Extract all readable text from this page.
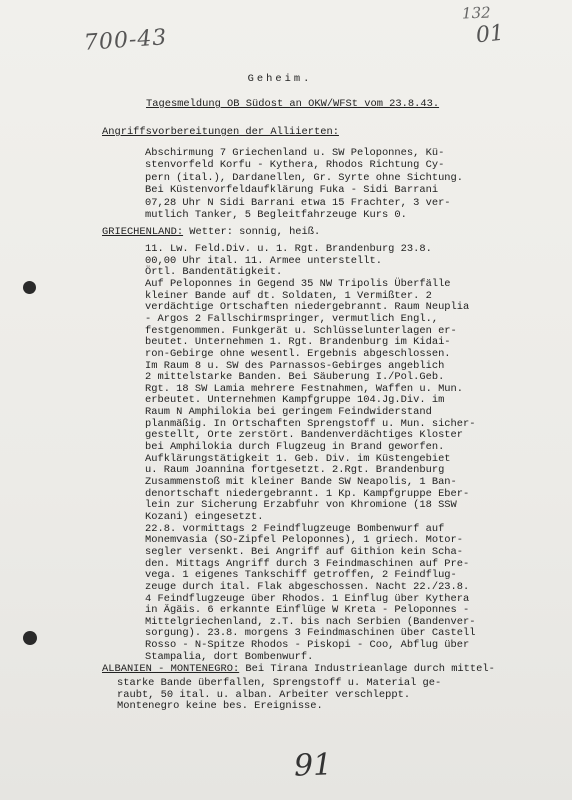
700-43
132
01
Geheim.
Tagesmeldung OB Südost an OKW/WFSt vom 23.8.43.
Angriffsvorbereitungen der Alliierten:
Abschirmung 7 Griechenland u. SW Peloponnes, Kü-
stenvorfeld Korfu - Kythera, Rhodos Richtung Cy-
pern (ital.), Dardanellen, Gr. Syrte ohne Sichtung.
Bei Küstenvorfeldaufklärung Fuka - Sidi Barrani
07,28 Uhr N Sidi Barrani etwa 15 Frachter, 3 ver-
mutlich Tanker, 5 Begleitfahrzeuge Kurs 0.
GRIECHENLAND: Wetter: sonnig, heiß.
11. Lw. Feld.Div. u. 1. Rgt. Brandenburg 23.8.
00,00 Uhr ital. 11. Armee unterstellt.
Örtl. Bandentätigkeit.
Auf Peloponnes in Gegend 35 NW Tripolis Überfälle
kleiner Bande auf dt. Soldaten, 1 Vermißter. 2
verdächtige Ortschaften niedergebrannt. Raum Neuplia
- Argos 2 Fallschirmspringer, vermutlich Engl.,
festgenommen. Funkgerät u. Schlüsselunterlagen er-
beutet. Unternehmen 1. Rgt. Brandenburg im Kidai-
ron-Gebirge ohne wesentl. Ergebnis abgeschlossen.
Im Raum 8 u. SW des Parnassos-Gebirges angeblich
2 mittelstarke Banden. Bei Säuberung I./Pol.Geb.
Rgt. 18 SW Lamia mehrere Festnahmen, Waffen u. Mun.
erbeutet. Unternehmen Kampfgruppe 104.Jg.Div. im
Raum N Amphilokia bei geringem Feindwiderstand
planmäßig. In Ortschaften Sprengstoff u. Mun. sicher-
gestellt, Orte zerstört. Bandenverdächtiges Kloster
bei Amphilokia durch Flugzeug in Brand geworfen.
Aufklärungstätigkeit 1. Geb. Div. im Küstengebiet
u. Raum Joannina fortgesetzt. 2.Rgt. Brandenburg
Zusammenstoß mit kleiner Bande SW Neapolis, 1 Ban-
denortschaft niedergebrannt. 1 Kp. Kampfgruppe Eber-
lein zur Sicherung Erzabfuhr von Khromione (18 SSW
Kozani) eingesetzt.
22.8. vormittags 2 Feindflugzeuge Bombenwurf auf
Monemvasia (SO-Zipfel Peloponnes), 1 griech. Motor-
segler versenkt. Bei Angriff auf Githion kein Scha-
den. Mittags Angriff durch 3 Feindmaschinen auf Pre-
vega. 1 eigenes Tankschiff getroffen, 2 Feindflug-
zeuge durch ital. Flak abgeschossen. Nacht 22./23.8.
4 Feindflugzeuge über Rhodos. 1 Einflug über Kythera
in Ägäis. 6 erkannte Einflüge W Kreta - Peloponnes -
Mittelgriechenland, z.T. bis nach Serbien (Bandenver-
sorgung). 23.8. morgens 3 Feindmaschinen über Castell
Rosso - N-Spitze Rhodos - Piskopi - Coo, Abflug über
Stampalia, dort Bombenwurf.
ALBANIEN - MONTENEGRO: Bei Tirana Industrieanlage durch mittel-
starke Bande überfallen, Sprengstoff u. Material ge-
raubt, 50 ital. u. alban. Arbeiter verschleppt.
Montenegro keine bes. Ereignisse.
91
